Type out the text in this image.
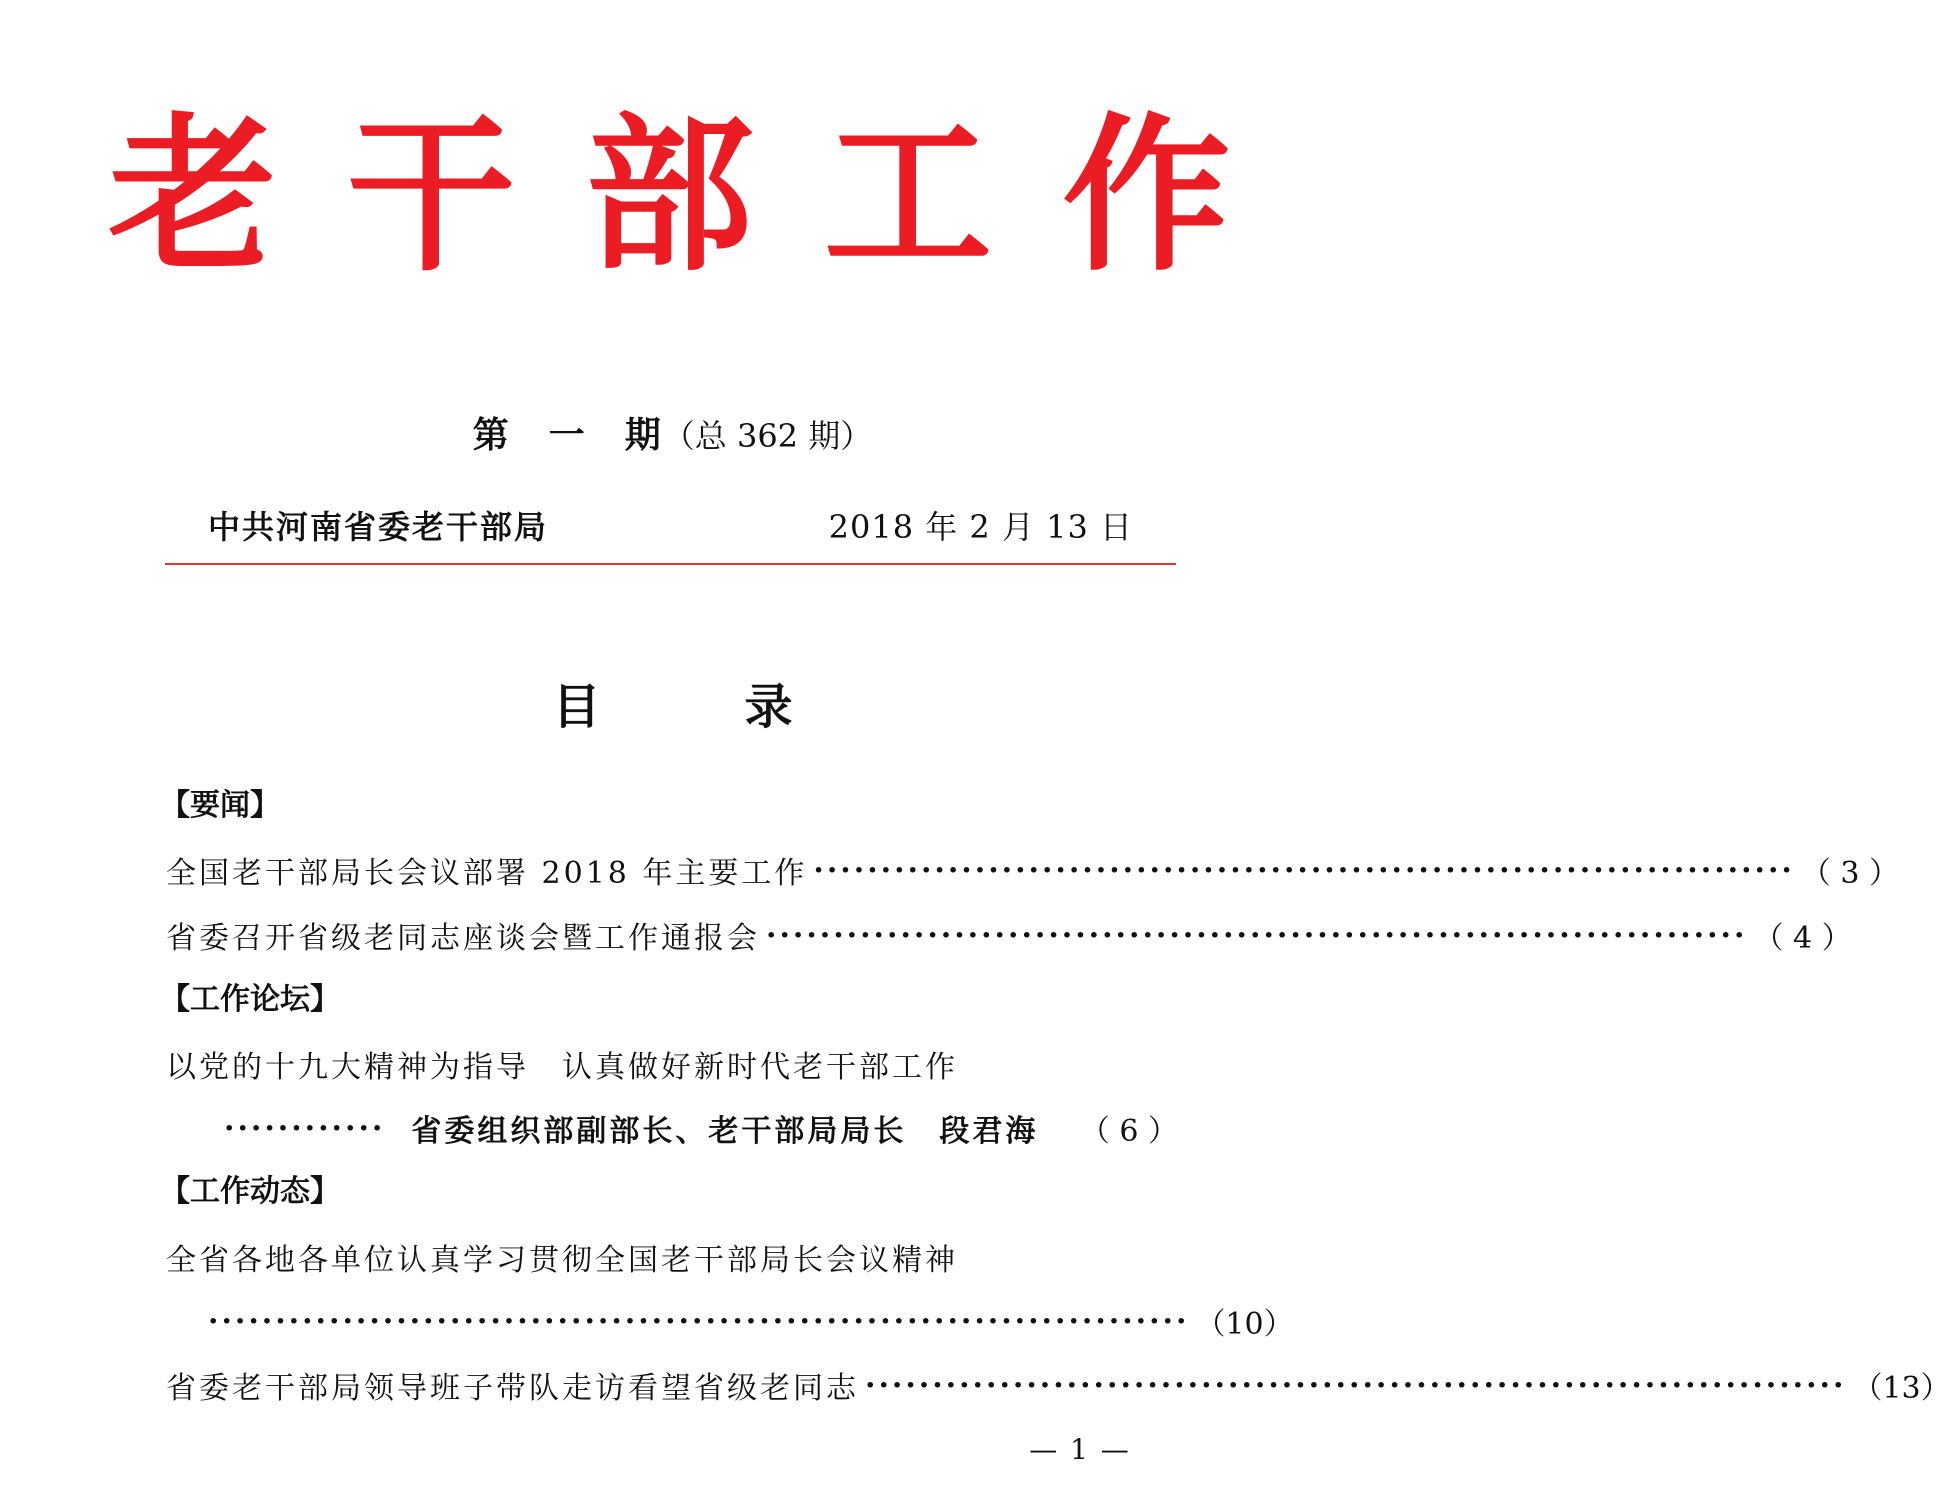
老 干 部 工 作
第　一　期（总 362 期）
中共河南省委老干部局	2018 年 2 月 13 日
目　　　录
【要闻】
全国老干部局长会议部署 2018 年主要工作 ········································································· （ 3 ）
省委召开省级老同志座谈会暨工作通报会 ········································································· （ 4 ）
【工作论坛】
以党的十九大精神为指导　认真做好新时代老干部工作
············ 省委组织部副部长、老干部局局长　段君海 （ 6 ）
【工作动态】
全省各地各单位认真学习贯彻全国老干部局长会议精神
········································································· （10）
省委老干部局领导班子带队走访看望省级老同志 ········································································· （13）
— 1 —
